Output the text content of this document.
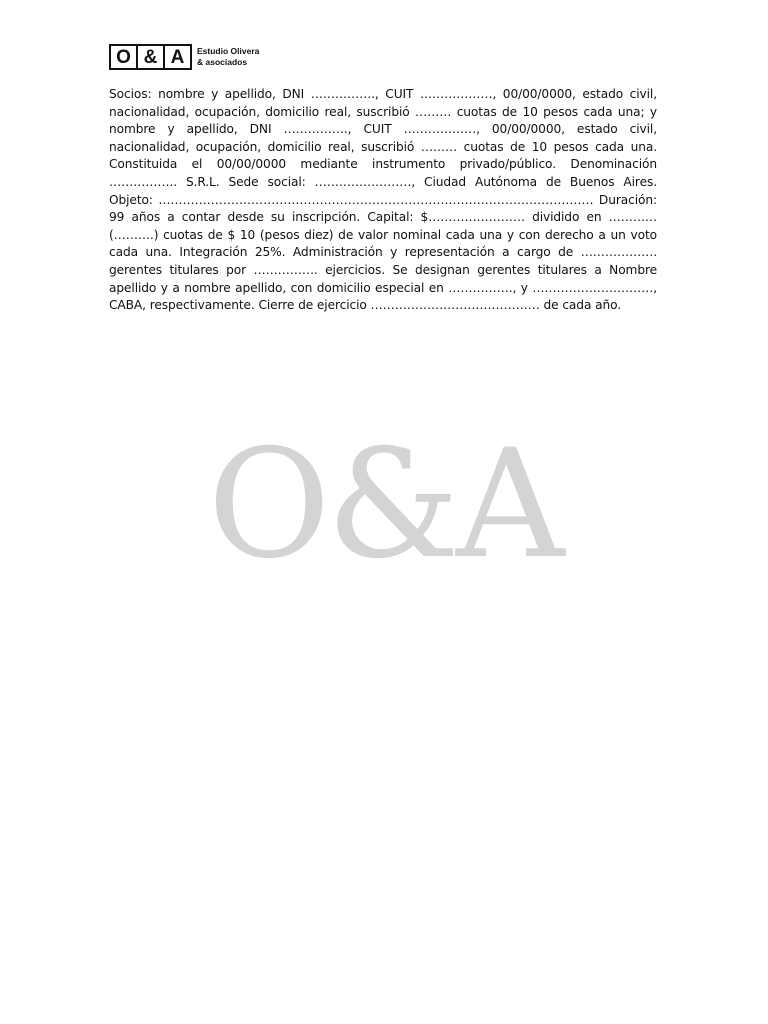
O & A	Estudio Olivera
& asociados
O&A

Socios: nombre y apellido, DNI ……………., CUIT ………………, 00/00/0000, estado civil, nacionalidad, ocupación, domicilio real, suscribió ……… cuotas de 10 pesos cada una; y nombre y apellido, DNI ……………., CUIT ………………, 00/00/0000, estado civil, nacionalidad, ocupación, domicilio real, suscribió ……… cuotas de 10 pesos cada una. Constituida el 00/00/0000 mediante instrumento privado/público. Denominación …………….. S.R.L. Sede social: ……………………, Ciudad Autónoma de Buenos Aires. Objeto: ……………………………………………………………………………………………… Duración: 99 años a contar desde su inscripción. Capital: $…………………… dividido en ………… (……….) cuotas de $ 10 (pesos diez) de valor nominal cada una y con derecho a un voto cada una. Integración 25%. Administración y representación a cargo de ………………. gerentes titulares por ……………. ejercicios. Se designan gerentes titulares a Nombre apellido y a nombre apellido, con domicilio especial en ……………., y …………………………, CABA, respectivamente. Cierre de ejercicio …………………………………… de cada año.
